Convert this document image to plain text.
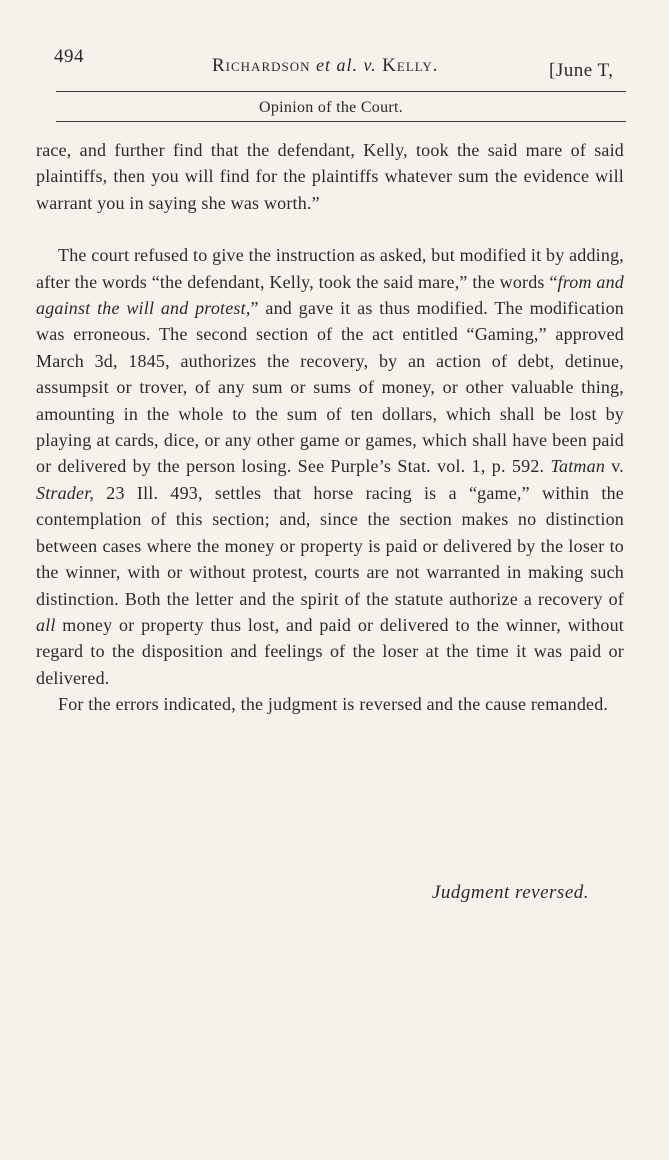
494	Richardson et al. v. Kelly.	[June T,
Opinion of the Court.

race, and further find that the defendant, Kelly, took the said mare of said plaintiffs, then you will find for the plaintiffs whatever sum the evidence will warrant you in saying she was worth.”

The court refused to give the instruction as asked, but modified it by adding, after the words “the defendant, Kelly, took the said mare,” the words “from and against the will and protest,” and gave it as thus modified. The modification was erroneous. The second section of the act entitled “Gaming,” approved March 3d, 1845, authorizes the recovery, by an action of debt, detinue, assumpsit or trover, of any sum or sums of money, or other valuable thing, amounting in the whole to the sum of ten dollars, which shall be lost by playing at cards, dice, or any other game or games, which shall have been paid or delivered by the person losing. See Purple’s Stat. vol. 1, p. 592. Tatman v. Strader, 23 Ill. 493, settles that horse racing is a “game,” within the contemplation of this section; and, since the section makes no distinction between cases where the money or property is paid or delivered by the loser to the winner, with or without protest, courts are not warranted in making such distinction. Both the letter and the spirit of the statute authorize a recovery of all money or property thus lost, and paid or delivered to the winner, without regard to the disposition and feelings of the loser at the time it was paid or delivered.

For the errors indicated, the judgment is reversed and the cause remanded.

Judgment reversed.
